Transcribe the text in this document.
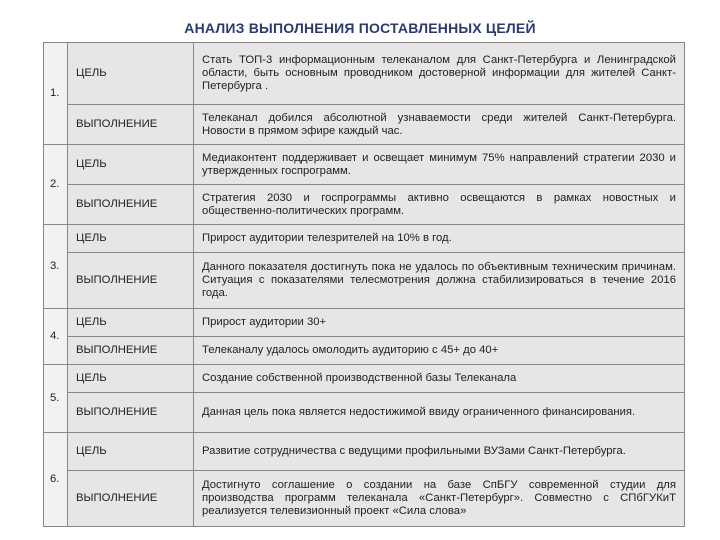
АНАЛИЗ ВЫПОЛНЕНИЯ ПОСТАВЛЕННЫХ ЦЕЛЕЙ
1.	ЦЕЛЬ	Стать ТОП-3 информационным телеканалом для Санкт-Петербурга и Ленинградской области, быть основным проводником достоверной информации для жителей Санкт-Петербурга .
	ВЫПОЛНЕНИЕ	Телеканал добился абсолютной узнаваемости среди жителей Санкт-Петербурга. Новости в прямом эфире каждый час.
2.	ЦЕЛЬ	Медиаконтент поддерживает и освещает минимум 75% направлений стратегии 2030 и утвержденных госпрограмм.
	ВЫПОЛНЕНИЕ	Стратегия 2030 и госпрограммы активно освещаются в рамках новостных и общественно-политических программ.
3.	ЦЕЛЬ	Прирост аудитории телезрителей на 10% в год.
	ВЫПОЛНЕНИЕ	Данного показателя достигнуть пока не удалось по объективным техническим причинам. Ситуация с показателями телесмотрения должна стабилизироваться в течение 2016 года.
4.	ЦЕЛЬ	Прирост аудитории 30+
	ВЫПОЛНЕНИЕ	Телеканалу удалось омолодить аудиторию с 45+ до 40+
5.	ЦЕЛЬ	Создание собственной производственной базы Телеканала
	ВЫПОЛНЕНИЕ	Данная цель пока является недостижимой ввиду ограниченного финансирования.
6.	ЦЕЛЬ	Развитие сотрудничества с ведущими профильными ВУЗами Санкт-Петербурга.
	ВЫПОЛНЕНИЕ	Достигнуто соглашение о создании на базе СпБГУ современной студии для производства программ телеканала «Санкт-Петербург». Совместно с СПбГУКиТ реализуется телевизионный проект «Сила слова»
